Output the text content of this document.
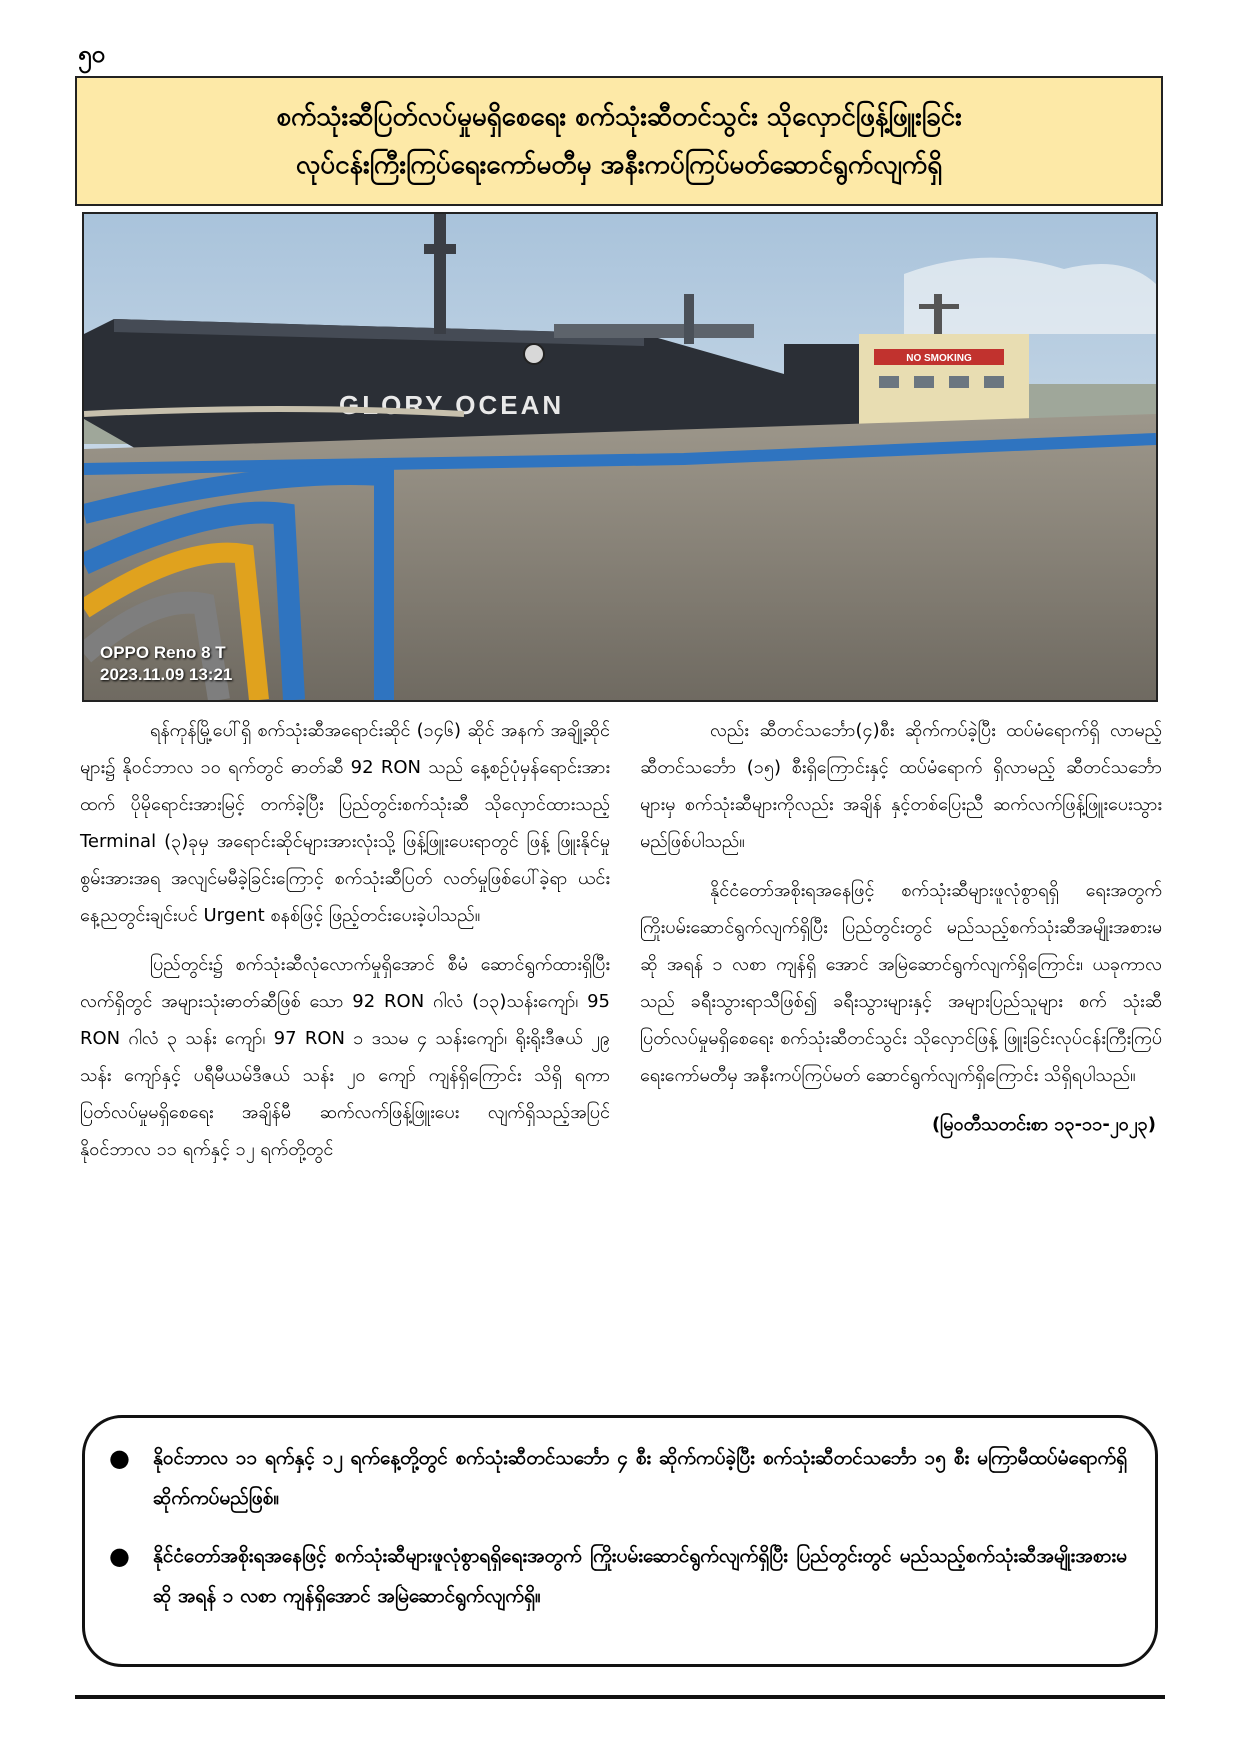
၅၀
စက်သုံးဆီပြတ်လပ်မှုမရှိစေရေး စက်သုံးဆီတင်သွင်း သိုလှောင်ဖြန့်ဖြူးခြင်း
လုပ်ငန်းကြီးကြပ်ရေးကော်မတီမှ အနီးကပ်ကြပ်မတ်ဆောင်ရွက်လျက်ရှိ
GLORY OCEAN
NO SMOKING
OPPO Reno 8 T
2023.11.09 13:21

ရန်ကုန်မြို့ပေါ်ရှိ စက်သုံးဆီအရောင်းဆိုင် (၁၄၆) ဆိုင် အနက် အချို့ဆိုင်များ၌ နိုဝင်ဘာလ ၁၀ ရက်တွင် ဓာတ်ဆီ 92 RON သည် နေ့စဉ်ပုံမှန်ရောင်းအားထက် ပိုမိုရောင်းအားမြင့် တက်ခဲ့ပြီး ပြည်တွင်းစက်သုံးဆီ သိုလှောင်ထားသည့် Terminal (၃)ခုမှ အရောင်းဆိုင်များအားလုံးသို့ ဖြန့်ဖြူးပေးရာတွင် ဖြန့် ဖြူးနိုင်မှုစွမ်းအားအရ အလျင်မမီခဲ့ခြင်းကြောင့် စက်သုံးဆီပြတ် လတ်မှုဖြစ်ပေါ်ခဲ့ရာ ယင်းနေ့ညတွင်းချင်းပင် Urgent စနစ်ဖြင့် ဖြည့်တင်းပေးခဲ့ပါသည်။

ပြည်တွင်း၌ စက်သုံးဆီလုံလောက်မှုရှိအောင် စီမံ ဆောင်ရွက်ထားရှိပြီး လက်ရှိတွင် အများသုံးဓာတ်ဆီဖြစ် သော 92 RON ဂါလံ (၁၃)သန်းကျော်၊ 95 RON ဂါလံ ၃ သန်း ကျော်၊ 97 RON ၁ ဒသမ ၄ သန်းကျော်၊ ရိုးရိုးဒီဇယ် ၂၉ သန်း ကျော်နှင့် ပရီမီယမ်ဒီဇယ် သန်း ၂၀ ကျော် ကျန်ရှိကြောင်း သိရှိ ရကာ ပြတ်လပ်မှုမရှိစေရေး အချိန်မီ ဆက်လက်ဖြန့်ဖြူးပေး လျက်ရှိသည့်အပြင် နိုဝင်ဘာလ ၁၁ ရက်နှင့် ၁၂ ရက်တို့တွင်

လည်း ဆီတင်သင်္ဘော(၄)စီး ဆိုက်ကပ်ခဲ့ပြီး ထပ်မံရောက်ရှိ လာမည့် ဆီတင်သင်္ဘော (၁၅) စီးရှိကြောင်းနှင့် ထပ်မံရောက် ရှိလာမည့် ဆီတင်သင်္ဘောများမှ စက်သုံးဆီများကိုလည်း အချိန် နှင့်တစ်ပြေးညီ ဆက်လက်ဖြန့်ဖြူးပေးသွားမည်ဖြစ်ပါသည်။

နိုင်ငံတော်အစိုးရအနေဖြင့် စက်သုံးဆီများဖူလုံစွာရရှိ ရေးအတွက် ကြိုးပမ်းဆောင်ရွက်လျက်ရှိပြီး ပြည်တွင်းတွင် မည်သည့်စက်သုံးဆီအမျိုးအစားမဆို အရန် ၁ လစာ ကျန်ရှိ အောင် အမြဲဆောင်ရွက်လျက်ရှိကြောင်း၊ ယခုကာလသည် ခရီးသွားရာသီဖြစ်၍ ခရီးသွားများနှင့် အများပြည်သူများ စက် သုံးဆီပြတ်လပ်မှုမရှိစေရေး စက်သုံးဆီတင်သွင်း သိုလှောင်ဖြန့် ဖြူးခြင်းလုပ်ငန်းကြီးကြပ်ရေးကော်မတီမှ အနီးကပ်ကြပ်မတ် ဆောင်ရွက်လျက်ရှိကြောင်း သိရှိရပါသည်။

(မြဝတီသတင်းစာ ၁၃-၁၁-၂၀၂၃)
●	နိုဝင်ဘာလ ၁၁ ရက်နှင့် ၁၂ ရက်နေ့တို့တွင် စက်သုံးဆီတင်သင်္ဘော ၄ စီး ဆိုက်ကပ်ခဲ့ပြီး စက်သုံးဆီတင်သင်္ဘော ၁၅ စီး မကြာမီထပ်မံရောက်ရှိဆိုက်ကပ်မည်ဖြစ်။
●	နိုင်ငံတော်အစိုးရအနေဖြင့် စက်သုံးဆီများဖူလုံစွာရရှိရေးအတွက် ကြိုးပမ်းဆောင်ရွက်လျက်ရှိပြီး ပြည်တွင်းတွင် မည်သည့်စက်သုံးဆီအမျိုးအစားမဆို အရန် ၁ လစာ ကျန်ရှိအောင် အမြဲဆောင်ရွက်လျက်ရှိ။
